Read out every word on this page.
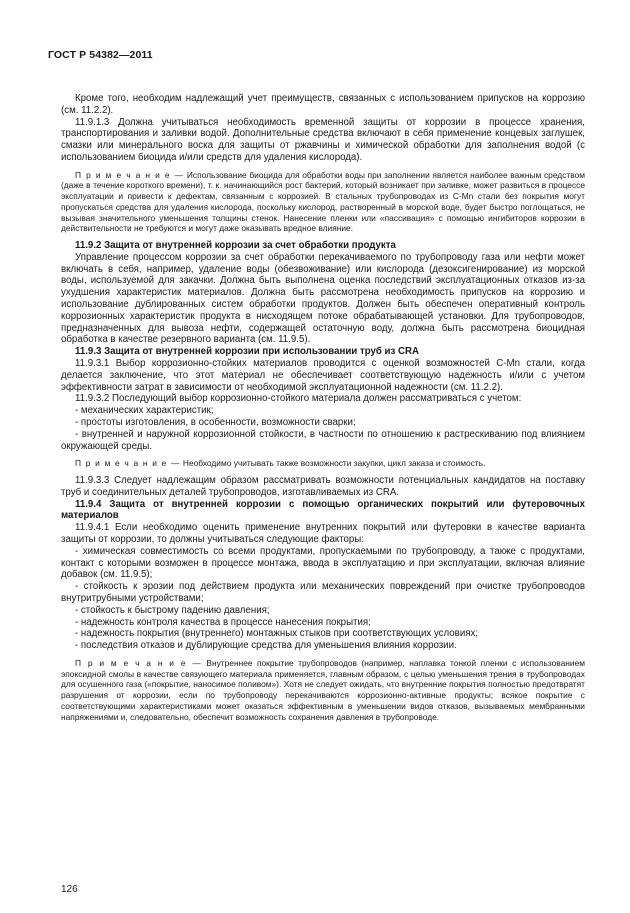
ГОСТ Р 54382—2011

Кроме того, необходим надлежащий учет преимуществ, связанных с использованием припусков на коррозию (см. 11.2.2).

11.9.1.3 Должна учитываться необходимость временной защиты от коррозии в процессе хранения, транспортирования и заливки водой. Дополнительные средства включают в себя применение концевых заглушек, смазки или минерального воска для защиты от ржавчины и химической обработки для заполнения водой (с использованием биоцида и/или средств для удаления кислорода).

П р и м е ч а н и е — Использование биоцида для обработки воды при заполнении является наиболее важным средством (даже в течение короткого времени), т. к. начинающийся рост бактерий, который возникает при заливке, может развиться в процессе эксплуатации и привести к дефектам, связанным с коррозией. В стальных трубопроводах из C-Mn стали без покрытия могут пропускаться средства для удаления кислорода, поскольку кислород, растворенный в морской воде, будет быстро поглощаться, не вызывая значительного уменьшения толщины стенок. Нанесение пленки или «пассивация» с помощью ингибиторов коррозии в действительности не требуются и могут даже оказывать вредное влияние.

11.9.2 Защита от внутренней коррозии за счет обработки продукта

Управление процессом коррозии за счет обработки перекачиваемого по трубопроводу газа или нефти может включать в себя, например, удаление воды (обезвоживание) или кислорода (дезоксигенирование) из морской воды, используемой для закачки. Должна быть выполнена оценка последствий эксплуатационных отказов из-за ухудшения характеристик материалов. Должна быть рассмотрена необходимость припусков на коррозию и использование дублированных систем обработки продуктов. Должен быть обеспечен оперативный контроль коррозионных характеристик продукта в нисходящем потоке обрабатывающей установки. Для трубопроводов, предназначенных для вывоза нефти, содержащей остаточную воду, должна быть рассмотрена биоцидная обработка в качестве резервного варианта (см. 11.9.5).

11.9.3 Защита от внутренней коррозии при использовании труб из CRA

11.9.3.1 Выбор коррозионно-стойких материалов проводится с оценкой возможностей C-Mn стали, когда делается заключение, что этот материал не обеспечивает соответствующую надежность и/или с учетом эффективности затрат в зависимости от необходимой эксплуатационной надежности (см. 11.2.2).

11.9.3.2 Последующий выбор коррозионно-стойкого материала должен рассматриваться с учетом:

- механических характеристик;

- простоты изготовления, в особенности, возможности сварки;

- внутренней и наружной коррозионной стойкости, в частности по отношению к растрескиванию под влиянием окружающей среды.

П р и м е ч а н и е — Необходимо учитывать также возможности закупки, цикл заказа и стоимость.

11.9.3.3 Следует надлежащим образом рассматривать возможности потенциальных кандидатов на поставку труб и соединительных деталей трубопроводов, изготавливаемых из CRA.

11.9.4 Защита от внутренней коррозии с помощью органических покрытий или футеровочных материалов

11.9.4.1 Если необходимо оценить применение внутренних покрытий или футеровки в качестве варианта защиты от коррозии, то должны учитываться следующие факторы:

- химическая совместимость со всеми продуктами, пропускаемыми по трубопроводу, а также с продуктами, контакт с которыми возможен в процессе монтажа, ввода в эксплуатацию и при эксплуатации, включая влияние добавок (см. 11.9.5);

- стойкость к эрозии под действием продукта или механических повреждений при очистке трубопроводов внутритрубными устройствами;

- стойкость к быстрому падению давления;

- надежность контроля качества в процессе нанесения покрытия;

- надежность покрытия (внутреннего) монтажных стыков при соответствующих условиях;

- последствия отказов и дублирующие средства для уменьшения влияния коррозии.

П р и м е ч а н и е — Внутреннее покрытие трубопроводов (например, наплавка тонкой пленки с использованием эпоксидной смолы в качестве связующего материала применяется, главным образом, с целью уменьшения трения в трубопроводах для осушенного газа («покрытие, наносимое поливом»). Хотя не следует ожидать, что внутренние покрытия полностью предотвратят разрушения от коррозии, если по трубопроводу перекачиваются коррозионно-активные продукты; всякое покрытие с соответствующими характеристиками может оказаться эффективным в уменьшении видов отказов, вызываемых мембранными напряжениями и, следовательно, обеспечит возможность сохранения давления в трубопроводе.

126
